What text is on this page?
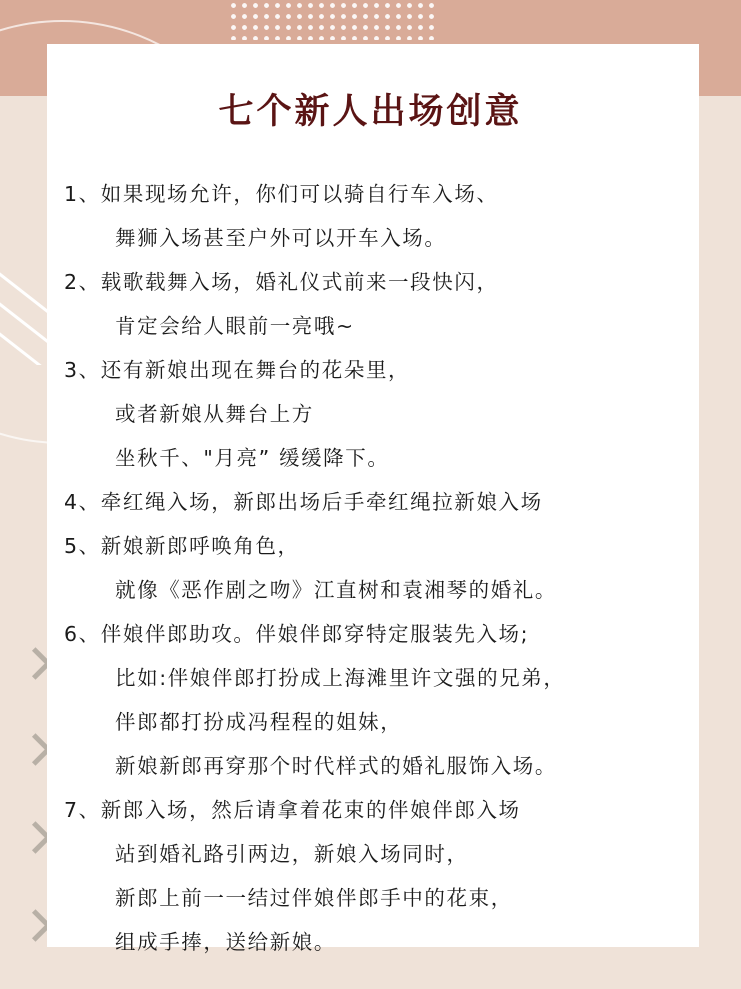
七个新人出场创意
1、如果现场允许，你们可以骑自行车入场、
舞狮入场甚至户外可以开车入场。
2、载歌载舞入场，婚礼仪式前来一段快闪，
肯定会给人眼前一亮哦~
3、还有新娘出现在舞台的花朵里，
或者新娘从舞台上方
坐秋千、"月亮” 缓缓降下。
4、牵红绳入场，新郎出场后手牵红绳拉新娘入场
5、新娘新郎呼唤角色，
就像《恶作剧之吻》江直树和袁湘琴的婚礼。
6、伴娘伴郎助攻。伴娘伴郎穿特定服装先入场;
比如:伴娘伴郎打扮成上海滩里许文强的兄弟，
伴郎都打扮成冯程程的姐妹，
新娘新郎再穿那个时代样式的婚礼服饰入场。
7、新郎入场，然后请拿着花束的伴娘伴郎入场
站到婚礼路引两边，新娘入场同时，
新郎上前一一结过伴娘伴郎手中的花束，
组成手捧，送给新娘。
